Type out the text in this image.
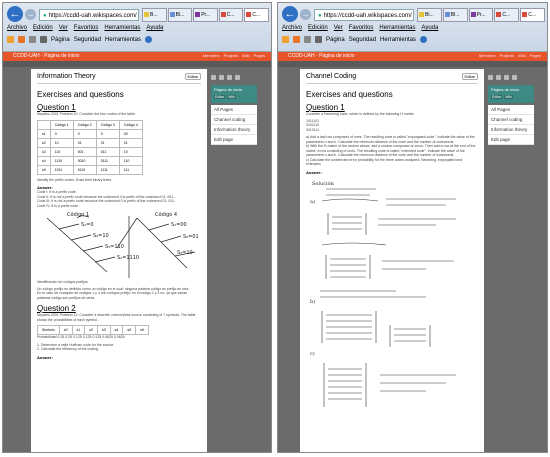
← →	● https://ccdd-uah.wikispaces.com/	B...	Bl...	Pr...	C...	C...
Archivo Edición Ver Favoritos Herramientas Ayuda
Página Seguridad Herramientas
CCDD-UAH · Página de inicio	Members Projects Wiki Pages
Information Theory	Editar
Exercises and questions
Question 1
Nepales 2001 Problem 10. Consider the four codes of the table.
	Código 1	Código 2	Código 3	Código 4
s1	0	0	0	00
s2	10	01	01	01
s3	110	001	011	10
s4	1110	0010	0111	110
s5	1011	0110	1111	111
Identify the prefix codes. Draw their binary trees.
Answer:
Code I: It is a prefix code.
Code II: It is not a prefix code because the codeword 0 is prefix of the codeword 01, 001...
Code III: It is not a prefix code because the codeword 0 is prefix of the codeword 01, 011...
Code IV: It is a prefix code.
Código 1	Código 4
S₁=0
S₂=10
S₃=110
S₄=1110
S₁=00
S₂=01
S₃=10
Identificación de códigos prefijos
Un código prefijo es definido como un código en el cual, ninguna palabra código es prefijo de otra.
En el caso de cualquier de códigos 1 y 4 son códigos prefijo; en el código 2 y 3 no, ya que varias palabras código son prefijos de otras.
Question 2
Nepales 2001 Problem 12. Consider a discrete, memoryless source consisting of 7 symbols. The table shows the probabilities of each symbol.
Símbolo	s0	s1	s2	s3	s4	s5	s6
Probabilidad 0.25 0.25 0.125 0.125 0.125 0.0625 0.0625
1. Determine a valid Huffman code for the source.
2. Calculate the efficiency of the coding.
Answer:
Página de inicio
Editar Wiki
All Pages
Channel coding
Information theory
Edit page
← →	● https://ccdd-uah.wikispaces.com/	Bi...	Bl...	Pr...	C...	C...
Archivo Edición Ver Favoritos Herramientas Ayuda
Página Seguridad Herramientas
CCDD-UAH · Página de inicio	Members Projects Wiki Pages
Channel Coding	Editar
Exercises and questions
Question 1
Consider a Hamming code, which is defined by the following H matrix:
1011101
0101110
0010111
a) Add a last row composed of ones. The resulting code is called "expurgated code". Indicate the value of the parameters n and k. Calculate the minimum distance of the code and the number of codewords.
b) With the H-matrix of the section above, add a column composed of zeros. Then add a row at the end of the matrix, a row consisting of ones. The resulting code is called "extended code". Indicate the value of the parameters n and k. Calculate the minimum distance of the code and the number of codewords.
c) Calculate the undetected error probability for the three codes analyzed: Hamming, expurgated and extended.
Answer:
Solución
a)
b)
c)
Página de inicio
Editar Wiki
All Pages
Channel coding
Information theory
Edit page
